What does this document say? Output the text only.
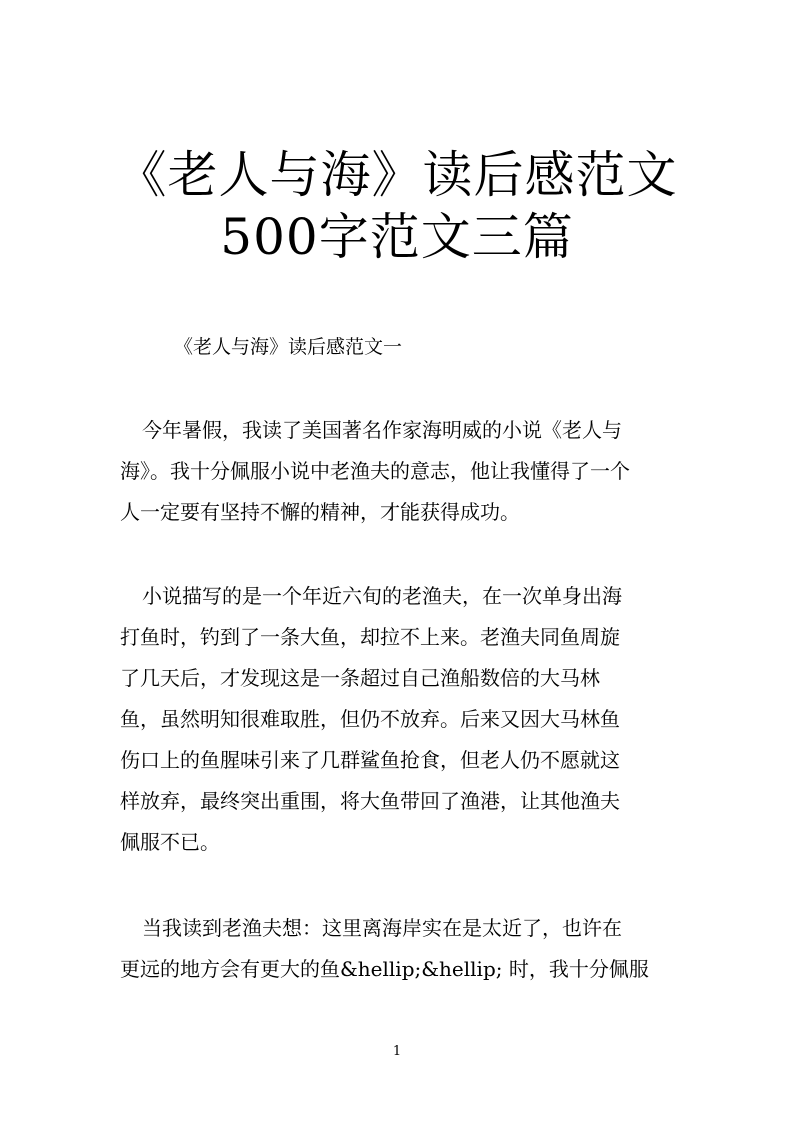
《老人与海》读后感范文
500字范文三篇
《老人与海》读后感范文一
今年暑假，我读了美国著名作家海明威的小说《老人与
海》。我十分佩服小说中老渔夫的意志，他让我懂得了一个
人一定要有坚持不懈的精神，才能获得成功。
小说描写的是一个年近六旬的老渔夫，在一次单身出海
打鱼时，钓到了一条大鱼，却拉不上来。老渔夫同鱼周旋
了几天后，才发现这是一条超过自己渔船数倍的大马林
鱼，虽然明知很难取胜，但仍不放弃。后来又因大马林鱼
伤口上的鱼腥味引来了几群鲨鱼抢食，但老人仍不愿就这
样放弃，最终突出重围，将大鱼带回了渔港，让其他渔夫
佩服不已。
当我读到老渔夫想：这里离海岸实在是太近了，也许在
更远的地方会有更大的鱼&hellip;&hellip; 时，我十分佩服
1
